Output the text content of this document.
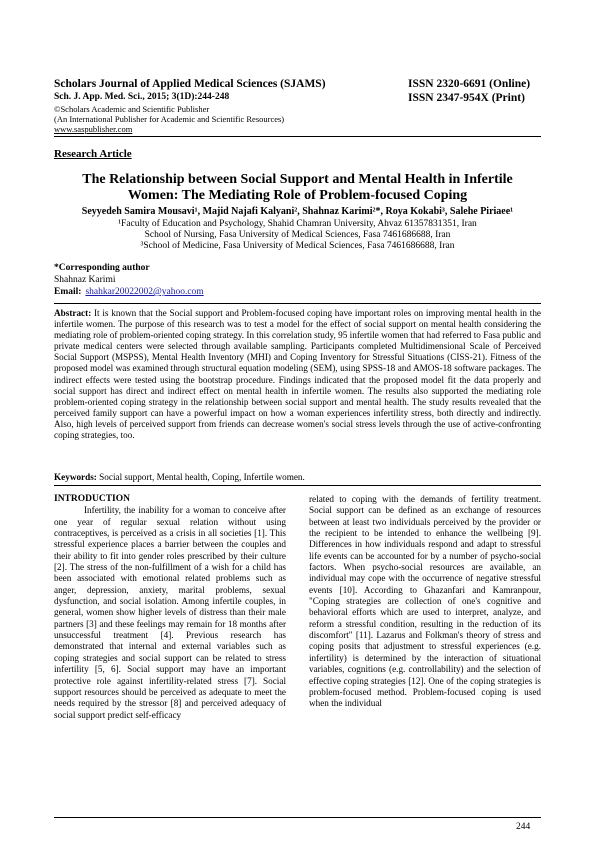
Scholars Journal of Applied Medical Sciences (SJAMS)	ISSN 2320-6691 (Online)
Sch. J. App. Med. Sci., 2015; 3(1D):244-248	ISSN 2347-954X (Print)
©Scholars Academic and Scientific Publisher
(An International Publisher for Academic and Scientific Resources)
www.saspublisher.com
Research Article
The Relationship between Social Support and Mental Health in Infertile
Women: The Mediating Role of Problem-focused Coping
Seyyedeh Samira Mousavi¹, Majid Najafi Kalyani², Shahnaz Karimi²*, Roya Kokabi³, Salehe Piriaee¹
¹Faculty of Education and Psychology, Shahid Chamran University, Ahvaz 61357831351, Iran
School of Nursing, Fasa University of Medical Sciences, Fasa 7461686688, Iran
³School of Medicine, Fasa University of Medical Sciences, Fasa 7461686688, Iran
*Corresponding author
Shahnaz Karimi
Email: shahkar20022002@yahoo.com
Abstract: It is known that the Social support and Problem-focused coping have important roles on improving mental health in the infertile women. The purpose of this research was to test a model for the effect of social support on mental health considering the mediating role of problem-oriented coping strategy. In this correlation study, 95 infertile women that had referred to Fasa public and private medical centers were selected through available sampling. Participants completed Multidimensional Scale of Perceived Social Support (MSPSS), Mental Health Inventory (MHI) and Coping Inventory for Stressful Situations (CISS-21). Fitness of the proposed model was examined through structural equation modeling (SEM), using SPSS-18 and AMOS-18 software packages. The indirect effects were tested using the bootstrap procedure. Findings indicated that the proposed model fit the data properly and social support has direct and indirect effect on mental health in infertile women. The results also supported the mediating role problem-oriented coping strategy in the relationship between social support and mental health. The study results revealed that the perceived family support can have a powerful impact on how a woman experiences infertility stress, both directly and indirectly. Also, high levels of perceived support from friends can decrease women's social stress levels through the use of active-confronting coping strategies, too.
Keywords: Social support, Mental health, Coping, Infertile women.
INTRODUCTION

Infertility, the inability for a woman to conceive after one year of regular sexual relation without using contraceptives, is perceived as a crisis in all societies [1]. This stressful experience places a barrier between the couples and their ability to fit into gender roles prescribed by their culture [2]. The stress of the non-fulfillment of a wish for a child has been associated with emotional related problems such as anger, depression, anxiety, marital problems, sexual dysfunction, and social isolation. Among infertile couples, in general, women show higher levels of distress than their male partners [3] and these feelings may remain for 18 months after unsuccessful treatment [4]. Previous research has demonstrated that internal and external variables such as coping strategies and social support can be related to stress infertility [5, 6]. Social support may have an important protective role against infertility-related stress [7]. Social support resources should be perceived as adequate to meet the needs required by the stressor [8] and perceived adequacy of social support predict self-efficacy

related to coping with the demands of fertility treatment. Social support can be defined as an exchange of resources between at least two individuals perceived by the provider or the recipient to be intended to enhance the wellbeing [9]. Differences in how individuals respond and adapt to stressful life events can be accounted for by a number of psycho-social factors. When psycho-social resources are available, an individual may cope with the occurrence of negative stressful events [10]. According to Ghazanfari and Kamranpour, "Coping strategies are collection of one's cognitive and behavioral efforts which are used to interpret, analyze, and reform a stressful condition, resulting in the reduction of its discomfort" [11]. Lazarus and Folkman's theory of stress and coping posits that adjustment to stressful experiences (e.g. infertility) is determined by the interaction of situational variables, cognitions (e.g. controllability) and the selection of effective coping strategies [12]. One of the coping strategies is problem-focused method. Problem-focused coping is used when the individual

244
